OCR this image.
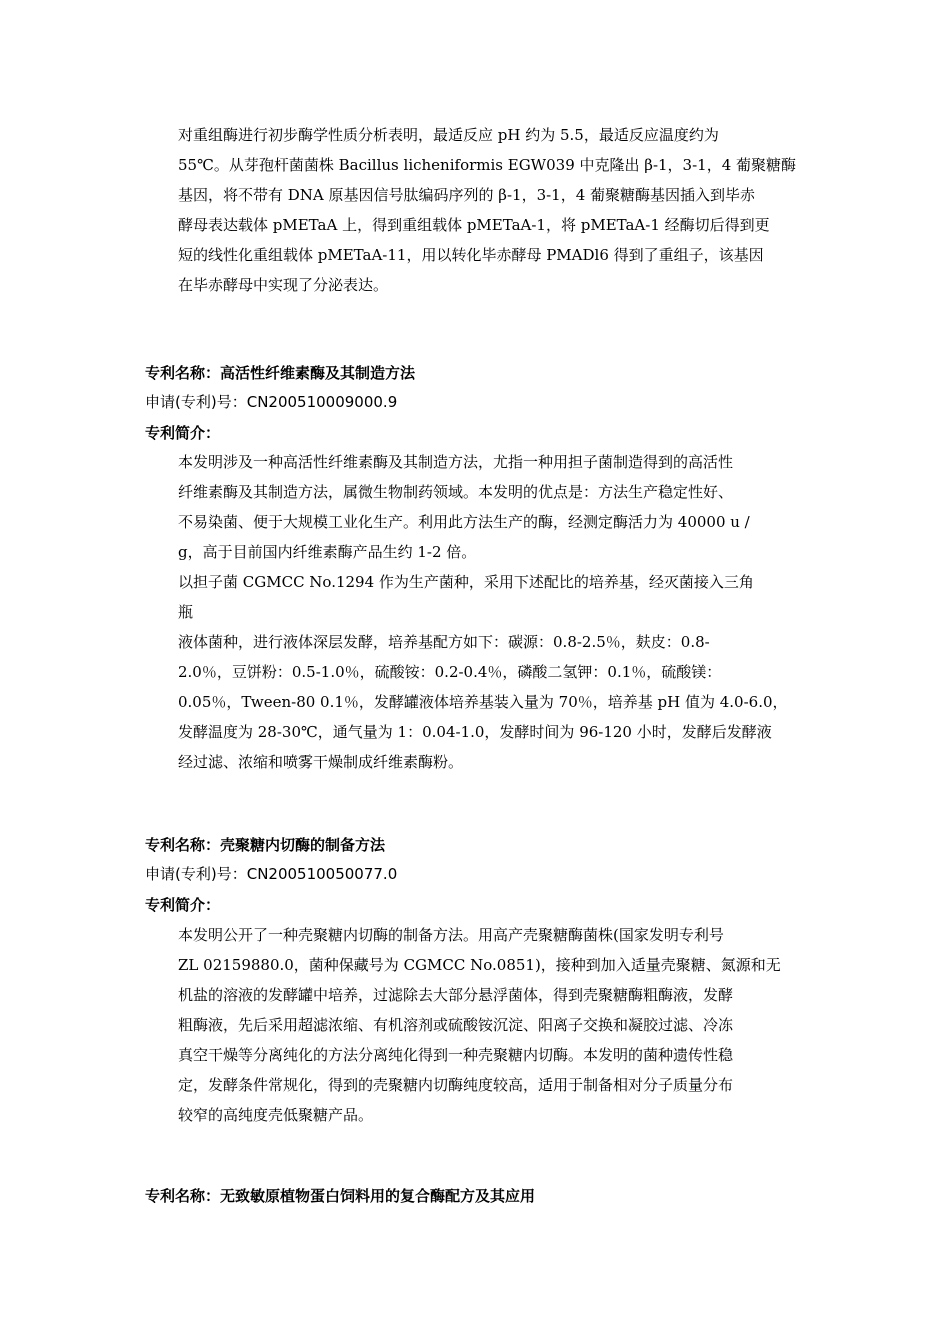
对重组酶进行初步酶学性质分析表明，最适反应 pH 约为 5.5，最适反应温度约为
55℃。从芽孢杆菌菌株 Bacillus licheniformis EGW039 中克隆出 β-1，3-1，4 葡聚糖酶
基因，将不带有 DNA 原基因信号肽编码序列的 β-1，3-1，4 葡聚糖酶基因插入到毕赤
酵母表达载体 pMETaA 上，得到重组载体 pMETaA-1，将 pMETaA-1 经酶切后得到更
短的线性化重组载体 pMETaA-11，用以转化毕赤酵母 PMADl6 得到了重组子，该基因
在毕赤酵母中实现了分泌表达。
专利名称：高活性纤维素酶及其制造方法
申请(专利)号：CN200510009000.9
专利简介：
本发明涉及一种高活性纤维素酶及其制造方法，尤指一种用担子菌制造得到的高活性
纤维素酶及其制造方法，属微生物制药领域。本发明的优点是：方法生产稳定性好、
不易染菌、便于大规模工业化生产。利用此方法生产的酶，经测定酶活力为 40000 u /
g，高于目前国内纤维素酶产品生约 1-2 倍。
以担子菌 CGMCC No.1294 作为生产菌种，采用下述配比的培养基，经灭菌接入三角
瓶
液体菌种，进行液体深层发酵，培养基配方如下：碳源：0.8-2.5％，麸皮：0.8-
2.0％，豆饼粉：0.5-1.0％，硫酸铵：0.2-0.4％，磷酸二氢钾：0.1％，硫酸镁：
0.05％，Tween-80 0.1％，发酵罐液体培养基装入量为 70％，培养基 pH 值为 4.0-6.0，
发酵温度为 28-30℃，通气量为 1：0.04-1.0，发酵时间为 96-120 小时，发酵后发酵液
经过滤、浓缩和喷雾干燥制成纤维素酶粉。
专利名称：壳聚糖内切酶的制备方法
申请(专利)号：CN200510050077.0
专利简介：
本发明公开了一种壳聚糖内切酶的制备方法。用高产壳聚糖酶菌株(国家发明专利号
ZL 02159880.0，菌种保藏号为 CGMCC No.0851)，接种到加入适量壳聚糖、氮源和无
机盐的溶液的发酵罐中培养，过滤除去大部分悬浮菌体，得到壳聚糖酶粗酶液，发酵
粗酶液，先后采用超滤浓缩、有机溶剂或硫酸铵沉淀、阳离子交换和凝胶过滤、冷冻
真空干燥等分离纯化的方法分离纯化得到一种壳聚糖内切酶。本发明的菌种遗传性稳
定，发酵条件常规化，得到的壳聚糖内切酶纯度较高，适用于制备相对分子质量分布
较窄的高纯度壳低聚糖产品。
专利名称：无致敏原植物蛋白饲料用的复合酶配方及其应用
